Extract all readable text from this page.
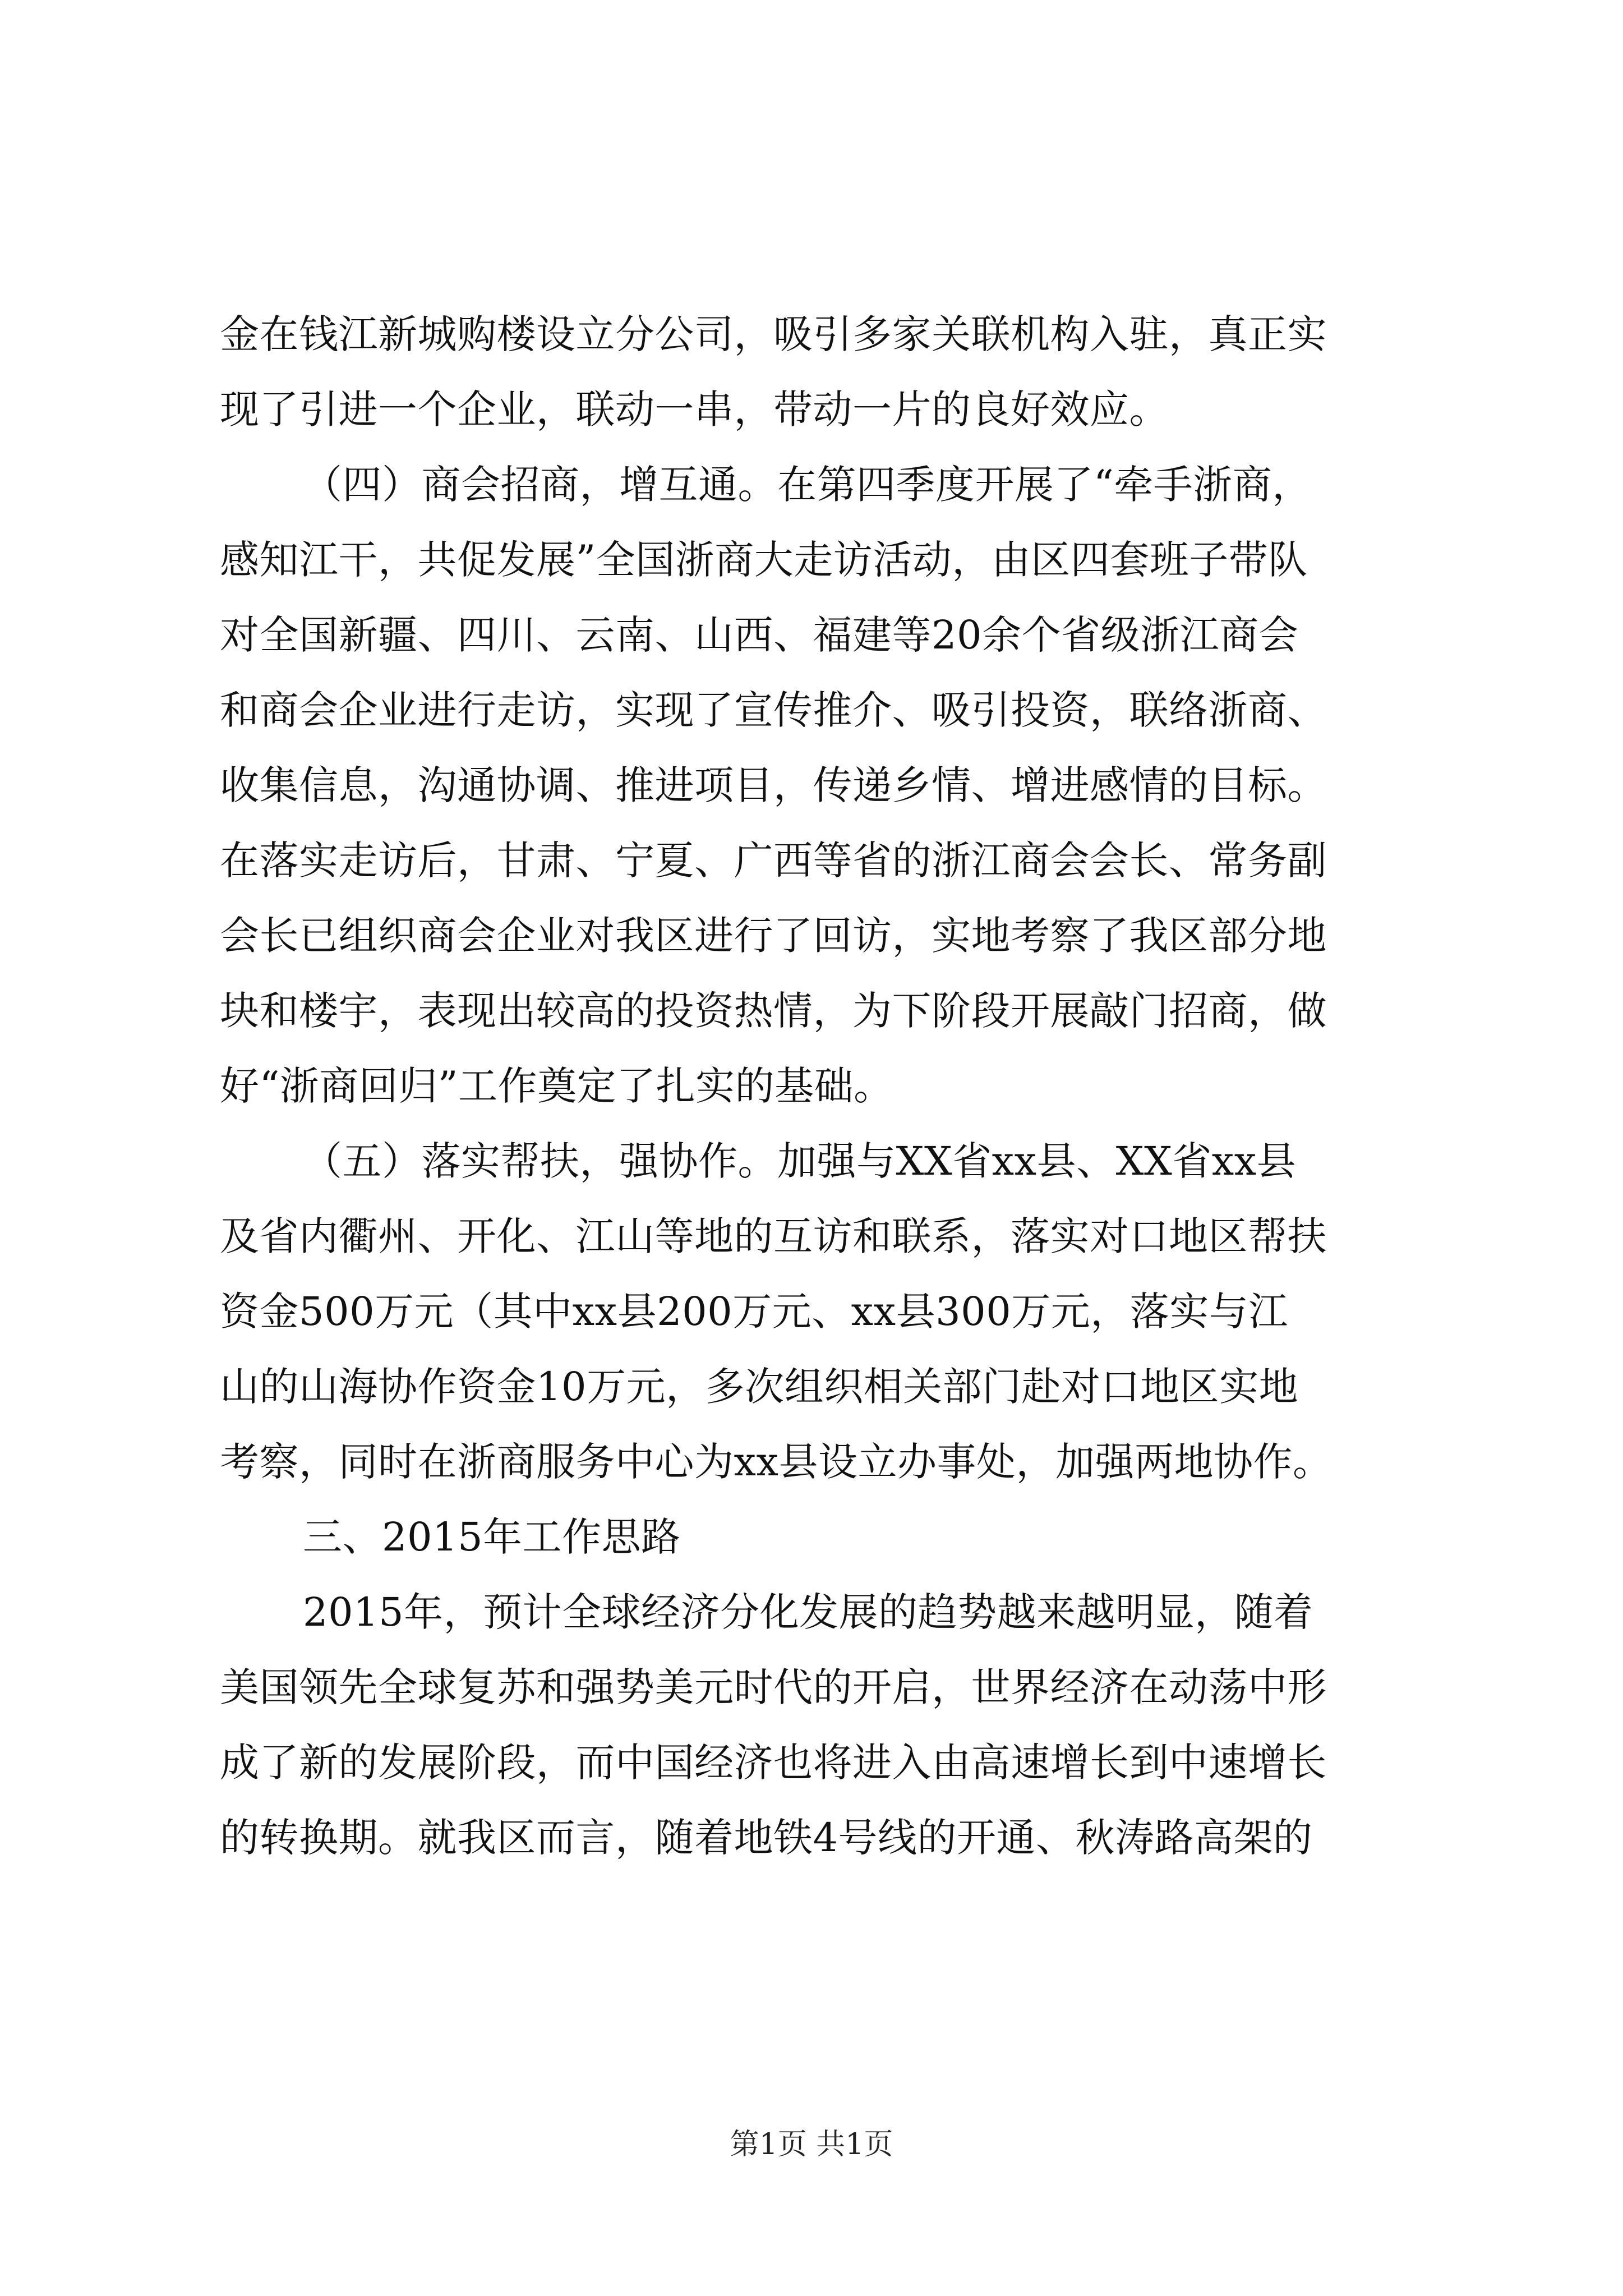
金在钱江新城购楼设立分公司，吸引多家关联机构入驻，真正实
现了引进一个企业，联动一串，带动一片的良好效应。
（四）商会招商，增互通。在第四季度开展了“牵手浙商，
感知江干，共促发展”全国浙商大走访活动，由区四套班子带队
对全国新疆、四川、云南、山西、福建等20余个省级浙江商会
和商会企业进行走访，实现了宣传推介、吸引投资，联络浙商、
收集信息，沟通协调、推进项目，传递乡情、增进感情的目标。
在落实走访后，甘肃、宁夏、广西等省的浙江商会会长、常务副
会长已组织商会企业对我区进行了回访，实地考察了我区部分地
块和楼宇，表现出较高的投资热情，为下阶段开展敲门招商，做
好“浙商回归”工作奠定了扎实的基础。
（五）落实帮扶，强协作。加强与XX省xx县、XX省xx县
及省内衢州、开化、江山等地的互访和联系，落实对口地区帮扶
资金500万元（其中xx县200万元、xx县300万元，落实与江
山的山海协作资金10万元，多次组织相关部门赴对口地区实地
考察，同时在浙商服务中心为xx县设立办事处，加强两地协作。
三、2015年工作思路
2015年，预计全球经济分化发展的趋势越来越明显，随着
美国领先全球复苏和强势美元时代的开启，世界经济在动荡中形
成了新的发展阶段，而中国经济也将进入由高速增长到中速增长
的转换期。就我区而言，随着地铁4号线的开通、秋涛路高架的
第1页 共1页
